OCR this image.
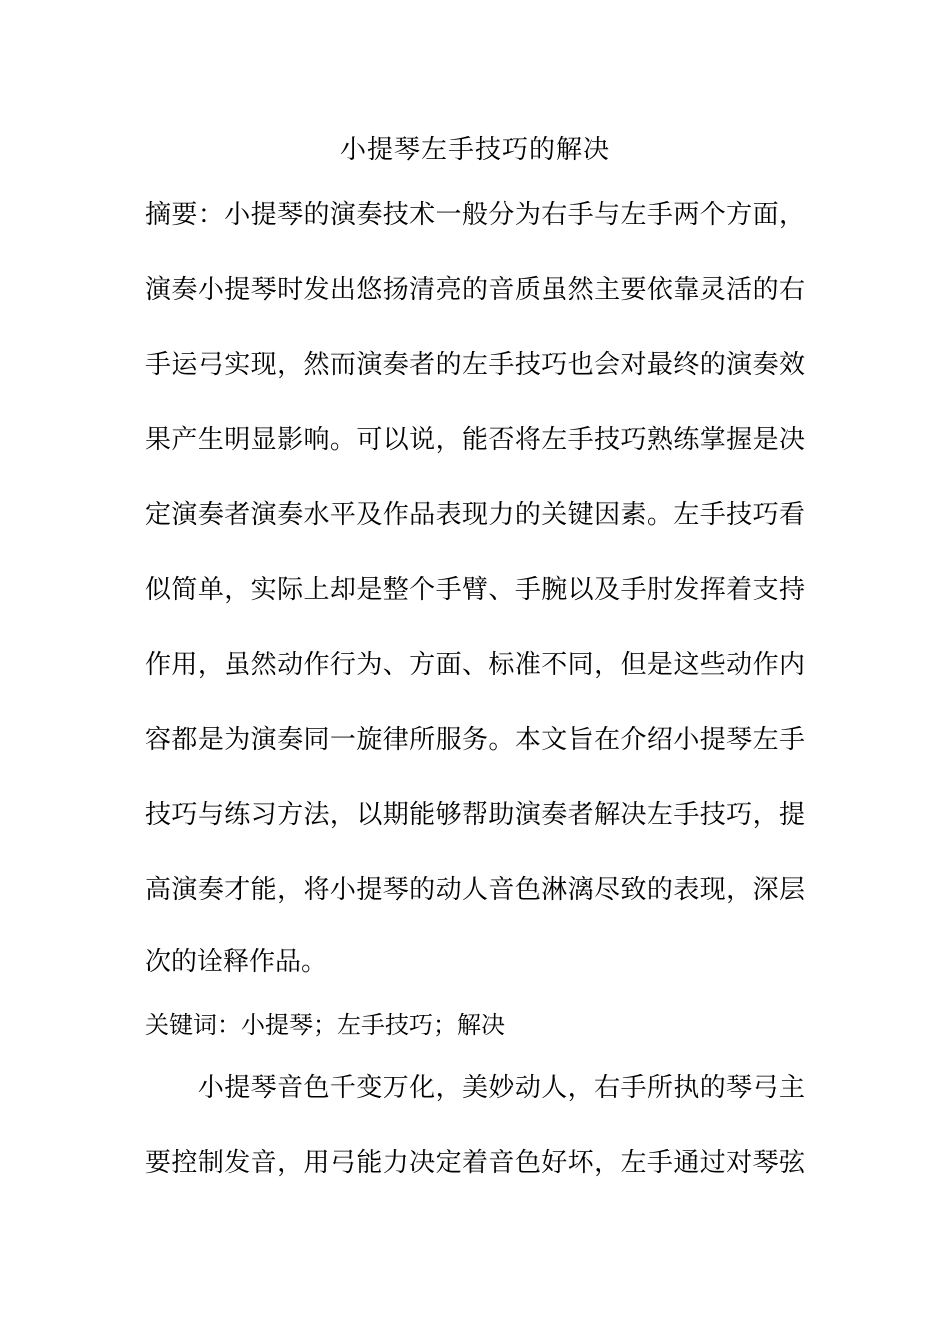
小提琴左手技巧的解决
摘要：小提琴的演奏技术一般分为右手与左手两个方面，
演奏小提琴时发出悠扬清亮的音质虽然主要依靠灵活的右
手运弓实现，然而演奏者的左手技巧也会对最终的演奏效
果产生明显影响。可以说，能否将左手技巧熟练掌握是决
定演奏者演奏水平及作品表现力的关键因素。左手技巧看
似简单，实际上却是整个手臂、手腕以及手肘发挥着支持
作用，虽然动作行为、方面、标准不同，但是这些动作内
容都是为演奏同一旋律所服务。本文旨在介绍小提琴左手
技巧与练习方法，以期能够帮助演奏者解决左手技巧，提
高演奏才能，将小提琴的动人音色淋漓尽致的表现，深层
次的诠释作品。
关键词：小提琴；左手技巧；解决
　　小提琴音色千变万化，美妙动人，右手所执的琴弓主
要控制发音，用弓能力决定着音色好坏，左手通过对琴弦
